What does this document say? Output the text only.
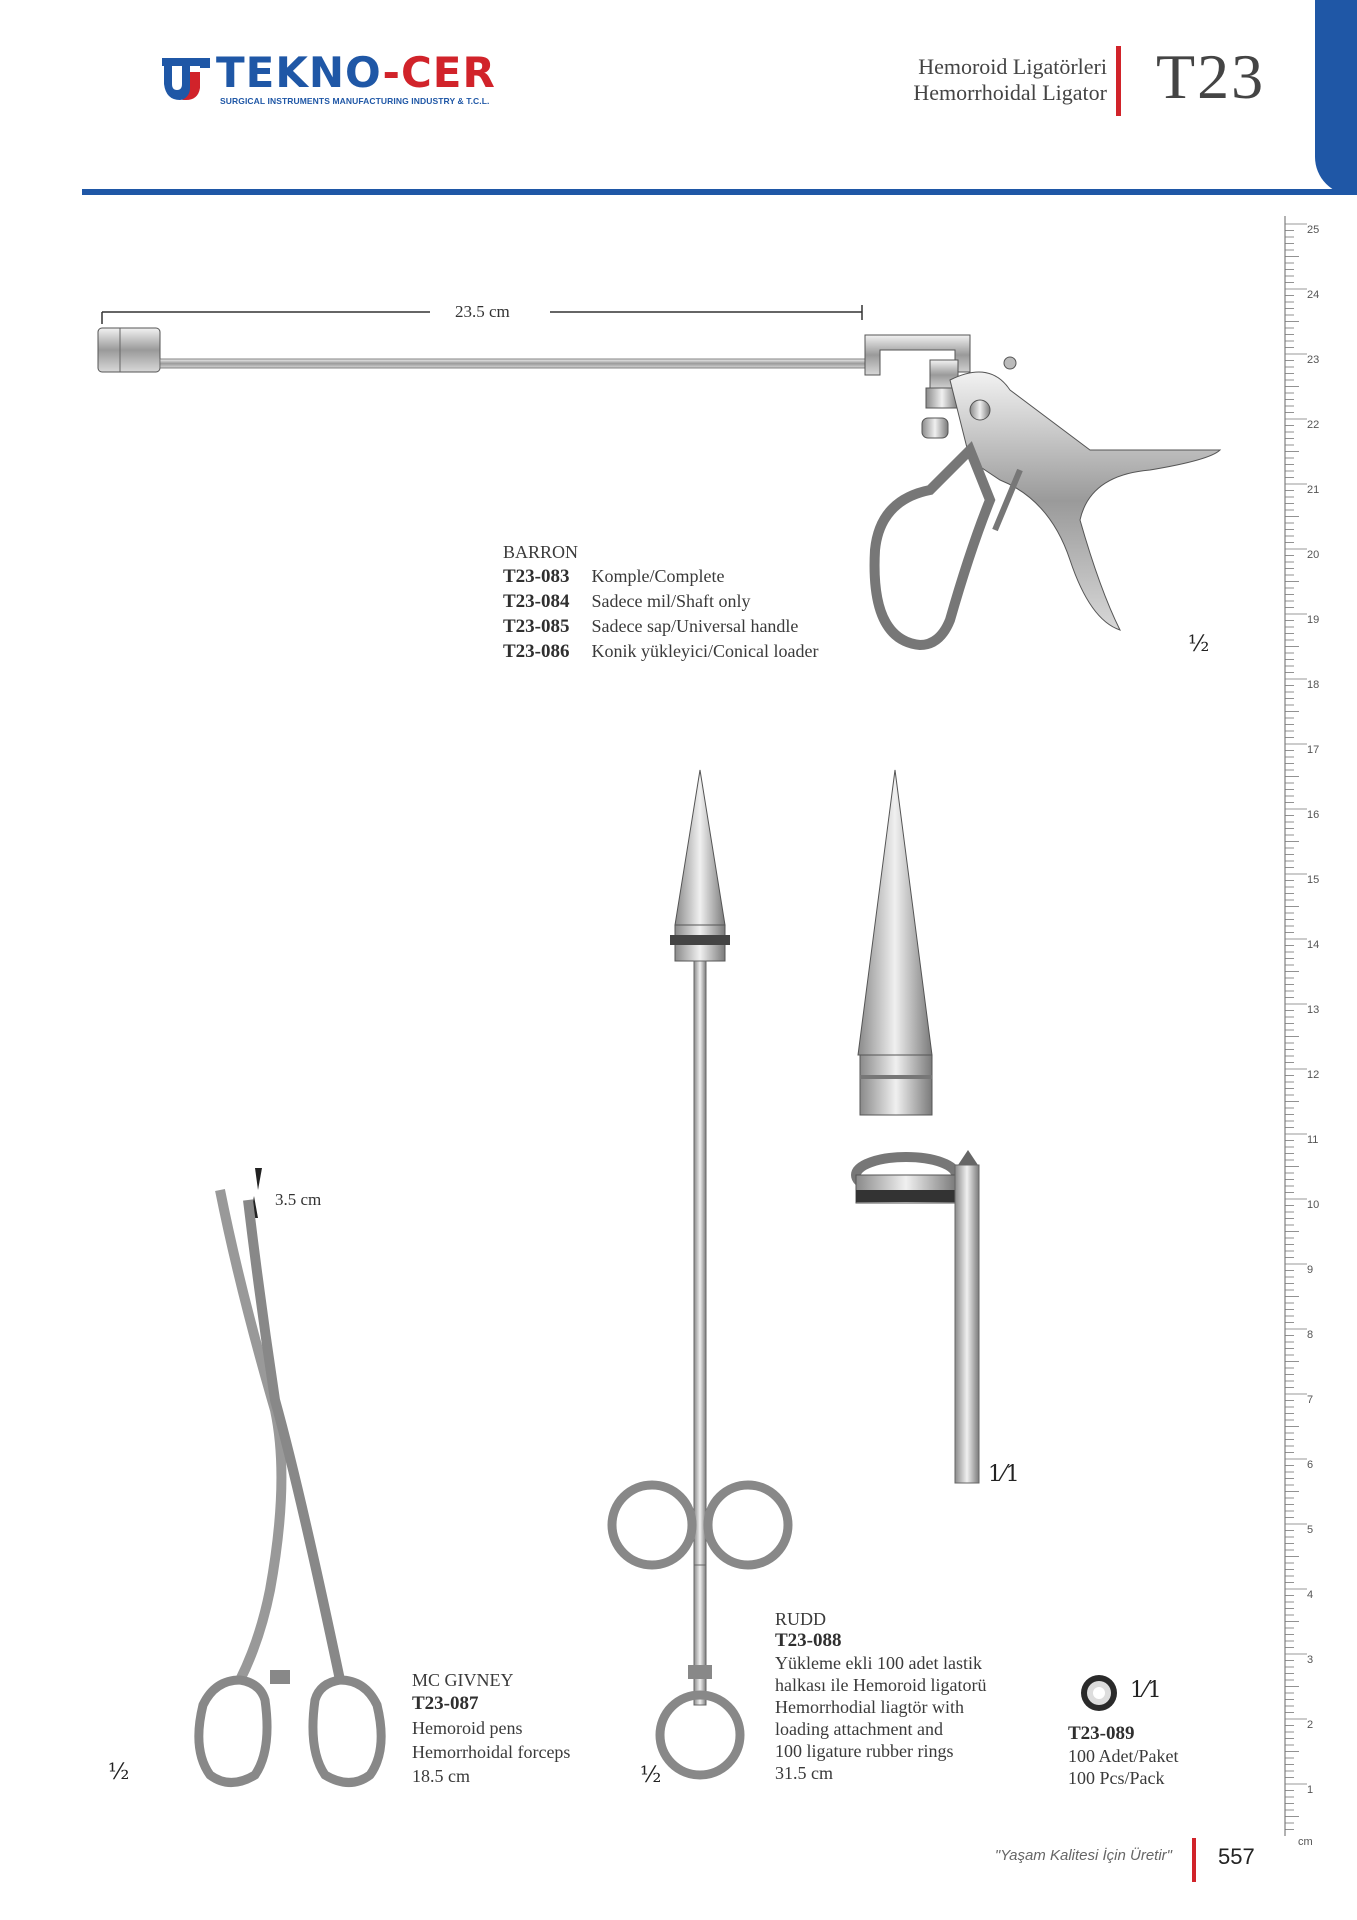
TEKNO-CER
SURGICAL INSTRUMENTS MANUFACTURING INDUSTRY & T.C.L.
Hemoroid Ligatörleri
Hemorrhoidal Ligator T23
25
24
23
22
21
20
19
18
17
16
15
14
13
12
11
10
9
8
7
6
5
4
3
2
1
cm
23.5 cm
BARRON
T23-083 Komple/Complete
T23-084 Sadece mil/Shaft only
T23-085 Sadece sap/Universal handle
T23-086 Konik yükleyici/Conical loader	½
1⁄1
3.5 cm
½
MC GIVNEY
T23-087
Hemoroid pens
Hemorrhoidal forceps
18.5 cm	½
RUDD
T23-088
Yükleme ekli 100 adet lastik
halkası ile Hemoroid ligatorü
Hemorrhodial liagtör with
loading attachment and
100 ligature rubber rings
31.5 cm
1⁄1
T23-089
100 Adet/Paket
100 Pcs/Pack
"Yaşam Kalitesi İçin Üretir" 557
